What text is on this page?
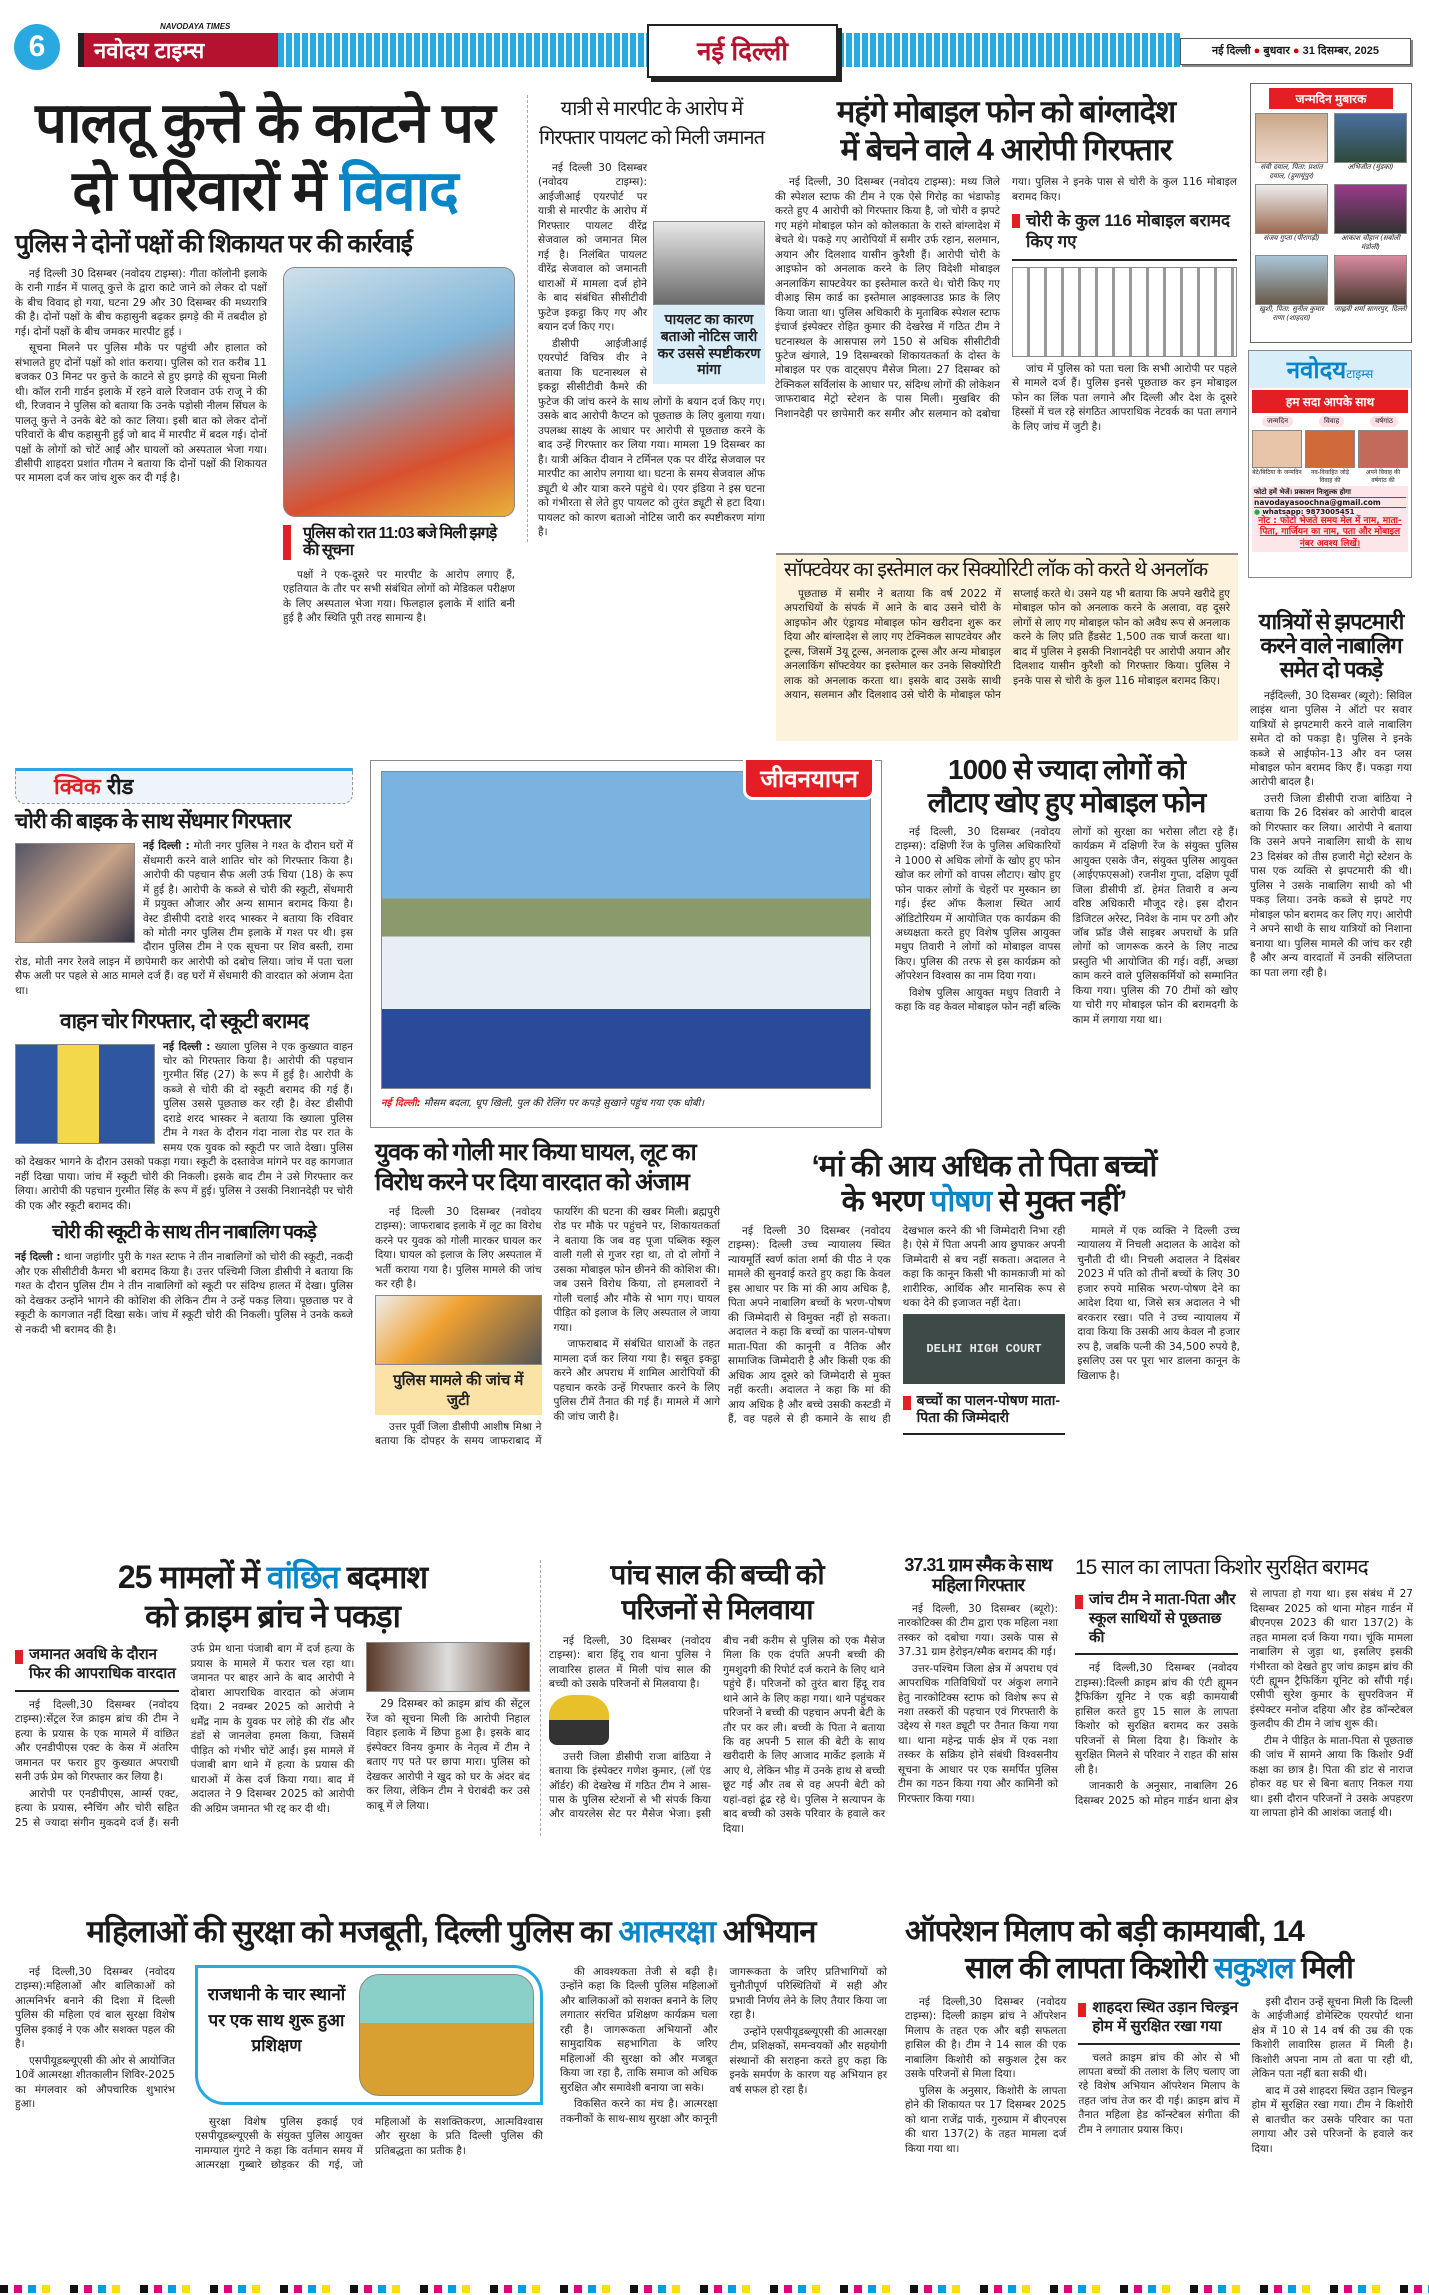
6
NAVODAYA TIMES
नवोदय टाइम्स	नई दिल्ली	नई दिल्ली ● बुधवार ● 31 दिसम्बर, 2025
पालतू कुत्ते के काटने पर
दो परिवारों में विवाद
पुलिस ने दोनों पक्षों की शिकायत पर की कार्रवाई

नई दिल्ली 30 दिसम्बर (नवोदय टाइम्स): गीता कॉलोनी इलाके के रानी गार्डन में पालतू कुत्ते के द्वारा काटे जाने को लेकर दो पक्षों के बीच विवाद हो गया, घटना 29 और 30 दिसम्बर की मध्यरात्रि की है। दोनों पक्षों के बीच कहासुनी बढ़कर झगड़े की में तबदील हो गई। दोनों पक्षों के बीच जमकर मारपीट हुई ।

सूचना मिलने पर पुलिस मौके पर पहुंची और हालात को संभालते हुए दोनों पक्षों को शांत कराया। पुलिस को रात करीब 11 बजकर 03 मिनट पर कुत्ते के काटने से हुए झगड़े की सूचना मिली थी। कॉल रानी गार्डन इलाके में रहने वाले रिजवान उर्फ राजू ने की थी, रिजवान ने पुलिस को बताया कि उनके पड़ोसी नीलम सिंघल के पालतू कुत्ते ने उनके बेटे को काट लिया। इसी बात को लेकर दोनों परिवारों के बीच कहासुनी हुई जो बाद में मारपीट में बदल गई। दोनों पक्षों के लोगों को चोटें आईं और घायलों को अस्पताल भेजा गया। डीसीपी शाहदरा प्रशांत गौतम ने बताया कि दोनों पक्षों की शिकायत पर मामला दर्ज कर जांच शुरू कर दी गई है।

पुलिस को रात 11:03 बजे मिली झगड़े की सूचना

पक्षों ने एक-दूसरे पर मारपीट के आरोप लगाए हैं, एहतियात के तौर पर सभी संबंधित लोगों को मेडिकल परीक्षण के लिए अस्पताल भेजा गया। फिलहाल इलाके में शांति बनी हुई है और स्थिति पूरी तरह सामान्य है।

यात्री से मारपीट के आरोप में गिरफ्तार पायलट को मिली जमानत
पायलट का कारण बताओ नोटिस जारी कर उससे स्पष्टीकरण मांगा

नई दिल्ली 30 दिसम्बर (नवोदय टाइम्स): आईजीआई एयरपोर्ट पर यात्री से मारपीट के आरोप में गिरफ्तार पायलट वीरेंद्र सेजवाल को जमानत मिल गई है। निलंबित पायलट वीरेंद्र सेजवाल को जमानती धाराओं में मामला दर्ज होने के बाद संबंधित सीसीटीवी फुटेज इकट्ठा किए गए और बयान दर्ज किए गए।

डीसीपी आईजीआई एयरपोर्ट विचित्र वीर ने बताया कि घटनास्थल से इकट्ठा सीसीटीवी कैमरे की फुटेज की जांच करने के साथ लोगों के बयान दर्ज किए गए। उसके बाद आरोपी कैप्टन को पूछताछ के लिए बुलाया गया। उपलब्ध साक्ष्य के आधार पर आरोपी से पूछताछ करने के बाद उन्हें गिरफ्तार कर लिया गया। मामला 19 दिसम्बर का है। यात्री अंकित दीवान ने टर्मिनल एक पर वीरेंद्र सेजवाल पर मारपीट का आरोप लगाया था। घटना के समय सेजवाल ऑफ ड्यूटी थे और यात्रा करने पहुंचे थे। एयर इंडिया ने इस घटना को गंभीरता से लेते हुए पायलट को तुरंत ड्यूटी से हटा दिया। पायलट को कारण बताओ नोटिस जारी कर स्पष्टीकरण मांगा है।

महंगे मोबाइल फोन को बांग्लादेश
में बेचने वाले 4 आरोपी गिरफ्तार

नई दिल्ली, 30 दिसम्बर (नवोदय टाइम्स): मध्य जिले की स्पेशल स्टाफ की टीम ने एक ऐसे गिरोह का भंडाफोड़ करते हुए 4 आरोपी को गिरफ्तार किया है, जो चोरी व झपटे गए महंगे मोबाइल फोन को कोलकाता के रास्ते बांग्लादेश में बेचते थे। पकड़े गए आरोपियों में समीर उर्फ रहान, सलमान, अयान और दिलशाद यासीन कुरैशी हैं। आरोपी चोरी के आइफोन को अनलाक करने के लिए विदेशी मोबाइल अनलाकिंग साफ्टवेयर का इस्तेमाल करते थे। चोरी किए गए वीआइ सिम कार्ड का इस्तेमाल आइक्लाउड फ्राड के लिए किया जाता था। पुलिस अधिकारी के मुताबिक स्पेशल स्टाफ इंचार्ज इंस्पेक्टर रोहित कुमार की देखरेख में गठित टीम ने घटनास्थल के आसपास लगे 150 से अधिक सीसीटीवी फुटेज खंगाले, 19 दिसम्बरको शिकायतकर्ता के दोस्त के मोबाइल पर एक वाट्सएप मैसेज मिला। 27 दिसम्बर को टेक्निकल सर्विलांस के आधार पर, संदिग्ध लोगों की लोकेशन जाफराबाद मेट्रो स्टेशन के पास मिली। मुखबिर की निशानदेही पर छापेमारी कर समीर और सलमान को दबोचा गया। पुलिस ने इनके पास से चोरी के कुल 116 मोबाइल बरामद किए।

चोरी के कुल 116 मोबाइल बरामद किए गए

जांच में पुलिस को पता चला कि सभी आरोपी पर पहले से मामले दर्ज हैं। पुलिस इनसे पूछताछ कर इन मोबाइल फोन का लिंक पता लगाने और दिल्ली और देश के दूसरे हिस्सों में चल रहे संगठित आपराधिक नेटवर्क का पता लगाने के लिए जांच में जुटी है।

सॉफ्टवेयर का इस्तेमाल कर सिक्योरिटी लॉक को करते थे अनलॉक

पूछताछ में समीर ने बताया कि वर्ष 2022 में अपराधियों के संपर्क में आने के बाद उसने चोरी के आइफोन और एंड्रायड मोबाइल फोन खरीदना शुरू कर दिया और बांग्लादेश से लाए गए टेक्निकल सापटवेयर और टूल्स, जिसमें 3यू टूल्स, अनलाक टूल्स और अन्य मोबाइल अनलाकिंग सॉफ्टवेयर का इस्तेमाल कर उनके सिक्योरिटी लाक को अनलाक करता था। इसके बाद उसके साथी अयान, सलमान और दिलशाद उसे चोरी के मोबाइल फोन सप्लाई करते थे। उसने यह भी बताया कि अपने खरीदे हुए मोबाइल फोन को अनलाक करने के अलावा, वह दूसरे लोगों से लाए गए मोबाइल फोन को अवैध रूप से अनलाक करने के लिए प्रति हैंडसेट 1,500 तक चार्ज करता था। बाद में पुलिस ने इसकी निशानदेही पर आरोपी अयान और दिलशाद यासीन कुरैशी को गिरफ्तार किया। पुलिस ने इनके पास से चोरी के कुल 116 मोबाइल बरामद किए।

जन्मदिन मुबारक
संवी दयाल, पिता: प्रशांत दयाल, (हुमायूंपुर)
अभिजीत (मुंडका)
संजय गुप्ता (पीरागढ़ी)	आकाश चौहान (सबोली मंडोली)
ख़ुशी, पिता: सुनील कुमार राणा (शाहदरा)
जाह्नवी शर्मा सागरपुर, दिल्ली
नवोदयटाइम्स
हम सदा आपके साथ
जन्मदिन	विवाह	वर्षगांठ
बेटे/बिटिया के जन्मदिन	नव-विवाहित जोड़े विवाह की
अपने विवाह की वर्षगांठ की
फोटो हमें भेजें। प्रकाशन निःशुल्क होगा
navodayasoochna@gmail.com
● whatsapp: 9873005451
नोट : फोटो भेजते समय मेल में नाम, माता-पिता, गार्जियन का नाम, पता और मोबाइल नंबर अवश्य लिखें।
यात्रियों से झपटमारी करने वाले नाबालिग समेत दो पकड़े

नईदिल्ली, 30 दिसम्बर (ब्यूरो): सिविल लाइंस थाना पुलिस ने ऑटो पर सवार यात्रियों से झपटमारी करने वाले नाबालिग समेत दो को पकड़ा है। पुलिस ने इनके कब्जे से आईफोन-13 और वन प्लस मोबाइल फोन बरामद किए हैं। पकड़ा गया आरोपी बादल है।

उत्तरी जिला डीसीपी राजा बांठिया ने बताया कि 26 दिसंबर को आरोपी बादल को गिरफ्तार कर लिया। आरोपी ने बताया कि उसने अपने नाबालिग साथी के साथ 23 दिसंबर को तीस हजारी मेट्रो स्टेशन के पास एक व्यक्ति से झपटमारी की थी। पुलिस ने उसके नाबालिग साथी को भी पकड़ लिया। उनके कब्जे से झपटे गए मोबाइल फोन बरामद कर लिए गए। आरोपी ने अपने साथी के साथ यात्रियों को निशाना बनाया था। पुलिस मामले की जांच कर रही है और अन्य वारदातों में उनकी संलिप्तता का पता लगा रही है।

क्विक रीड
चोरी की बाइक के साथ सेंधमार गिरफ्तार
नई दिल्ली : मोती नगर पुलिस ने गश्त के दौरान घरों में सेंधमारी करने वाले शातिर चोर को गिरफ्तार किया है। आरोपी की पहचान सैफ अली उर्फ चिया (18) के रूप में हुई है। आरोपी के कब्जे से चोरी की स्कूटी, सेंधमारी में प्रयुक्त औजार और अन्य सामान बरामद किया है। वेस्ट डीसीपी दराडे शरद भास्कर ने बताया कि रविवार को मोती नगर पुलिस टीम इलाके में गश्त पर थी। इस दौरान पुलिस टीम ने एक सूचना पर शिव बस्ती, रामा रोड, मोती नगर रेलवे लाइन में छापेमारी कर आरोपी को दबोच लिया। जांच में पता चला सैफ अली पर पहले से आठ मामले दर्ज हैं। वह घरों में सेंधमारी की वारदात को अंजाम देता था।
वाहन चोर गिरफ्तार, दो स्कूटी बरामद
नई दिल्ली : ख्याला पुलिस ने एक कुख्यात वाहन चोर को गिरफ्तार किया है। आरोपी की पहचान गुरमीत सिंह (27) के रूप में हुई है। आरोपी के कब्जे से चोरी की दो स्कूटी बरामद की गई हैं। पुलिस उससे पूछताछ कर रही है। वेस्ट डीसीपी दराडे शरद भास्कर ने बताया कि ख्याला पुलिस टीम ने गश्त के दौरान गंदा नाला रोड पर रात के समय एक युवक को स्कूटी पर जाते देखा। पुलिस को देखकर भागने के दौरान उसको पकड़ा गया। स्कूटी के दस्तावेज मांगने पर वह कागजात नहीं दिखा पाया। जांच में स्कूटी चोरी की निकली। इसके बाद टीम ने उसे गिरफ्तार कर लिया। आरोपी की पहचान गुरमीत सिंह के रूप में हुई। पुलिस ने उसकी निशानदेही पर चोरी की एक और स्कूटी बरामद की।
चोरी की स्कूटी के साथ तीन नाबालिग पकड़े
नई दिल्ली : थाना जहांगीर पुरी के गश्त स्टाफ ने तीन नाबालिगों को चोरी की स्कूटी, नकदी और एक सीसीटीवी कैमरा भी बरामद किया है। उत्तर पश्चिमी जिला डीसीपी ने बताया कि गश्त के दौरान पुलिस टीम ने तीन नाबालिगों को स्कूटी पर संदिग्ध हालत में देखा। पुलिस को देखकर उन्होंने भागने की कोशिश की लेकिन टीम ने उन्हें पकड़ लिया। पूछताछ पर वे स्कूटी के कागजात नहीं दिखा सके। जांच में स्कूटी चोरी की निकली। पुलिस ने उनके कब्जे से नकदी भी बरामद की है।
नई दिल्ली: मौसम बदला, धूप खिली, पुल की रेलिंग पर कपड़े सुखाने पहुंच गया एक धोबी।
जीवनयापन	1000 से ज्यादा लोगों को
लौटाए खोए हुए मोबाइल फोन

नई दिल्ली, 30 दिसम्बर (नवोदय टाइम्स): दक्षिणी रेंज के पुलिस अधिकारियों ने 1000 से अधिक लोगों के खोए हुए फोन खोज कर लोगों को वापस लौटाए। खोए हुए फोन पाकर लोगों के चेहरों पर मुस्कान छा गई। ईस्ट ऑफ कैलाश स्थित आर्य ऑडिटोरियम में आयोजित एक कार्यक्रम की अध्यक्षता करते हुए विशेष पुलिस आयुक्त मधुप तिवारी ने लोगों को मोबाइल वापस किए। पुलिस की तरफ से इस कार्यक्रम को ऑपरेशन विश्वास का नाम दिया गया।

विशेष पुलिस आयुक्त मधुप तिवारी ने कहा कि वह केवल मोबाइल फोन नहीं बल्कि लोगों को सुरक्षा का भरोसा लौटा रहे हैं। कार्यक्रम में दक्षिणी रेंज के संयुक्त पुलिस आयुक्त एसके जैन, संयुक्त पुलिस आयुक्त (आईएफएसओ) रजनीश गुप्ता, दक्षिण पूर्वी जिला डीसीपी डॉ. हेमंत तिवारी व अन्य वरिष्ठ अधिकारी मौजूद रहे। इस दौरान डिजिटल अरेस्ट, निवेश के नाम पर ठगी और जॉब फ्रॉड जैसे साइबर अपराधों के प्रति लोगों को जागरूक करने के लिए नाट्य प्रस्तुति भी आयोजित की गई। वहीं, अच्छा काम करने वाले पुलिसकर्मियों को सम्मानित किया गया। पुलिस की 70 टीमों को खोए या चोरी गए मोबाइल फोन की बरामदगी के काम में लगाया गया था।

युवक को गोली मार किया घायल, लूट का
विरोध करने पर दिया वारदात को अंजाम

नई दिल्ली 30 दिसम्बर (नवोदय टाइम्स): जाफराबाद इलाके में लूट का विरोध करने पर युवक को गोली मारकर घायल कर दिया। घायल को इलाज के लिए अस्पताल में भर्ती कराया गया है। पुलिस मामले की जांच कर रही है।

पुलिस मामले की जांच में जुटी

उत्तर पूर्वी जिला डीसीपी आशीष मिश्रा ने बताया कि दोपहर के समय जाफराबाद में फायरिंग की घटना की खबर मिली। ब्रह्मपुरी रोड पर मौके पर पहुंचने पर, शिकायतकर्ता ने बताया कि जब वह पूजा पब्लिक स्कूल वाली गली से गुजर रहा था, तो दो लोगों ने उसका मोबाइल फोन छीनने की कोशिश की। जब उसने विरोध किया, तो हमलावरों ने गोली चलाई और मौके से भाग गए। घायल पीड़ित को इलाज के लिए अस्पताल ले जाया गया।

जाफराबाद में संबंधित धाराओं के तहत मामला दर्ज कर लिया गया है। सबूत इकट्ठा करने और अपराध में शामिल आरोपियों की पहचान करके उन्हें गिरफ्तार करने के लिए पुलिस टीमें तैनात की गई हैं। मामले में आगे की जांच जारी है।

‘मां की आय अधिक तो पिता बच्चों
के भरण पोषण से मुक्त नहीं’

नई दिल्ली 30 दिसम्बर (नवोदय टाइम्स): दिल्ली उच्च न्यायालय स्थित न्यायमूर्ति स्वर्ण कांता शर्मा की पीठ ने एक मामले की सुनवाई करते हुए कहा कि केवल इस आधार पर कि मां की आय अधिक है, पिता अपने नाबालिग बच्चों के भरण-पोषण की जिम्मेदारी से विमुक्त नहीं हो सकता। अदालत ने कहा कि बच्चों का पालन-पोषण माता-पिता की कानूनी व नैतिक और सामाजिक जिम्मेदारी है और किसी एक की अधिक आय दूसरे को जिम्मेदारी से मुक्त नहीं करती। अदालत ने कहा कि मां की आय अधिक है और बच्चे उसकी कस्टडी में हैं, वह पहले से ही कमाने के साथ ही देखभाल करने की भी जिम्मेदारी निभा रही है। ऐसे में पिता अपनी आय छुपाकर अपनी जिम्मेदारी से बच नहीं सकता। अदालत ने कहा कि कानून किसी भी कामकाजी मां को शारीरिक, आर्थिक और मानसिक रूप से थका देने की इजाजत नहीं देता।

DELHI HIGH COURT
बच्चों का पालन-पोषण माता-पिता की जिम्मेदारी

मामले में एक व्यक्ति ने दिल्ली उच्च न्यायालय में निचली अदालत के आदेश को चुनौती दी थी। निचली अदालत ने दिसंबर 2023 में पति को तीनों बच्चों के लिए 30 हजार रुपये मासिक भरण-पोषण देने का आदेश दिया था, जिसे सत्र अदालत ने भी बरकरार रखा। पति ने उच्च न्यायालय में दावा किया कि उसकी आय केवल नौ हजार रुप है, जबकि पत्नी की 34,500 रुपये है, इसलिए उस पर पूरा भार डालना कानून के खिलाफ है।

25 मामलों में वांछित बदमाश
को क्राइम ब्रांच ने पकड़ा
जमानत अवधि के दौरान फिर की आपराधिक वारदात

नई दिल्ली,30 दिसम्बर (नवोदय टाइम्स):सेंट्रल रेंज क्राइम ब्रांच की टीम ने हत्या के प्रयास के एक मामले में वांछित और एनडीपीएस एक्ट के केस में अंतरिम जमानत पर फरार हुए कुख्यात अपराधी सनी उर्फ प्रेम को गिरफ्तार कर लिया है।

आरोपी पर एनडीपीएस, आर्म्स एक्ट, हत्या के प्रयास, स्नैचिंग और चोरी सहित 25 से ज्यादा संगीन मुकदमे दर्ज हैं। सनी उर्फ प्रेम थाना पंजाबी बाग में दर्ज हत्या के प्रयास के मामले में फरार चल रहा था। जमानत पर बाहर आने के बाद आरोपी ने दोबारा आपराधिक वारदात को अंजाम दिया। 2 नवम्बर 2025 को आरोपी ने धर्मेंद्र नाम के युवक पर लोहे की रॉड और डंडों से जानलेवा हमला किया, जिसमें पीड़ित को गंभीर चोटें आईं। इस मामले में पंजाबी बाग थाने में हत्या के प्रयास की धाराओं में केस दर्ज किया गया। बाद में अदालत ने 9 दिसम्बर 2025 को आरोपी की अग्रिम जमानत भी रद्द कर दी थी।

29 दिसम्बर को क्राइम ब्रांच की सेंट्रल रेंज को सूचना मिली कि आरोपी निहाल विहार इलाके में छिपा हुआ है। इसके बाद इंस्पेक्टर विनय कुमार के नेतृत्व में टीम ने बताए गए पते पर छापा मारा। पुलिस को देखकर आरोपी ने खुद को घर के अंदर बंद कर लिया, लेकिन टीम ने घेराबंदी कर उसे काबू में ले लिया।

पांच साल की बच्ची को
परिजनों से मिलवाया

नई दिल्ली, 30 दिसम्बर (नवोदय टाइम्स): बारा हिंदू राव थाना पुलिस ने लावारिस हालत में मिली पांच साल की बच्ची को उसके परिजनों से मिलवाया है।

उत्तरी जिला डीसीपी राजा बांठिया ने बताया कि इंस्पेक्टर गणेश कुमार, (लॉ एंड ऑर्डर) की देखरेख में गठित टीम ने आस-पास के पुलिस स्टेशनों से भी संपर्क किया और वायरलेस सेट पर मैसेज भेजा। इसी बीच नबी करीम से पुलिस को एक मैसेज मिला कि एक दंपति अपनी बच्ची की गुमशुदगी की रिपोर्ट दर्ज कराने के लिए थाने पहुंचे हैं। परिजनों को तुरंत बारा हिंदू राव थाने आने के लिए कहा गया। थाने पहुंचकर परिजनों ने बच्ची की पहचान अपनी बेटी के तौर पर कर ली। बच्ची के पिता ने बताया कि वह अपनी 5 साल की बेटी के साथ खरीदारी के लिए आजाद मार्केट इलाके में आए थे, लेकिन भीड़ में उनके हाथ से बच्ची छूट गई और तब से वह अपनी बेटी को यहां-वहां ढूंढ रहे थे। पुलिस ने सत्यापन के बाद बच्ची को उसके परिवार के हवाले कर दिया।

37.31 ग्राम स्मैक के साथ महिला गिरफ्तार

नई दिल्ली, 30 दिसम्बर (ब्यूरो): नारकोटिक्स की टीम द्वारा एक महिला नशा तस्कर को दबोचा गया। उसके पास से 37.31 ग्राम हेरोइन/स्मैक बरामद की गई।

उत्तर-पश्चिम जिला क्षेत्र में अपराध एवं आपराधिक गतिविधियों पर अंकुश लगाने हेतु नारकोटिक्स स्टाफ को विशेष रूप से नशा तस्करों की पहचान एवं गिरफ्तारी के उद्देश्य से गश्त ड्यूटी पर तैनात किया गया था। थाना महेन्द्र पार्क क्षेत्र में एक नशा तस्कर के सक्रिय होने संबंधी विश्वसनीय सूचना के आधार पर एक समर्पित पुलिस टीम का गठन किया गया और कामिनी को गिरफ्तार किया गया।

15 साल का लापता किशोर सुरक्षित बरामद
जांच टीम ने माता-पिता और स्कूल साथियों से पूछताछ की

नई दिल्ली,30 दिसम्बर (नवोदय टाइम्स):दिल्ली क्राइम ब्रांच की एंटी ह्यूमन ट्रैफिकिंग यूनिट ने एक बड़ी कामयाबी हासिल करते हुए 15 साल के लापता किशोर को सुरक्षित बरामद कर उसके परिजनों से मिला दिया है। किशोर के सुरक्षित मिलने से परिवार ने राहत की सांस ली है।

जानकारी के अनुसार, नाबालिग 26 दिसम्बर 2025 को मोहन गार्डन थाना क्षेत्र से लापता हो गया था। इस संबंध में 27 दिसम्बर 2025 को थाना मोहन गार्डन में बीएनएस 2023 की धारा 137(2) के तहत मामला दर्ज किया गया। चूंकि मामला नाबालिग से जुड़ा था, इसलिए इसकी गंभीरता को देखते हुए जांच क्राइम ब्रांच की एंटी ह्यूमन ट्रैफिकिंग यूनिट को सौंपी गई। एसीपी सुरेश कुमार के सुपरविजन में इंस्पेक्टर मनोज दहिया और हेड कॉन्स्टेबल कुलदीप की टीम ने जांच शुरू की।

टीम ने पीड़ित के माता-पिता से पूछताछ की जांच में सामने आया कि किशोर 9वीं कक्षा का छात्र है। पिता की डांट से नाराज होकर वह घर से बिना बताए निकल गया था। इसी दौरान परिजनों ने उसके अपहरण या लापता होने की आशंका जताई थी।

महिलाओं की सुरक्षा को मजबूती, दिल्ली पुलिस का आत्मरक्षा अभियान

नई दिल्ली,30 दिसम्बर (नवोदय टाइम्स):महिलाओं और बालिकाओं को आत्मनिर्भर बनाने की दिशा में दिल्ली पुलिस की महिला एवं बाल सुरक्षा विशेष पुलिस इकाई ने एक और सशक्त पहल की है।

एसपीयूडब्ल्यूएसी की ओर से आयोजित 10वें आत्मरक्षा शीतकालीन शिविर-2025 का मंगलवार को औपचारिक शुभारंभ हुआ।

राजधानी के चार स्थानों पर एक साथ शुरू हुआ प्रशिक्षण

सुरक्षा विशेष पुलिस इकाई एवं एसपीयूडब्ल्यूएसी के संयुक्त पुलिस आयुक्त नामग्याल गुंगटे ने कहा कि वर्तमान समय में आत्मरक्षा गुब्बारे छोड़कर की गई, जो महिलाओं के सशक्तिकरण, आत्मविश्वास और सुरक्षा के प्रति दिल्ली पुलिस की प्रतिबद्धता का प्रतीक है।

की आवश्यकता तेजी से बढ़ी है। उन्होंने कहा कि दिल्ली पुलिस महिलाओं और बालिकाओं को सशक्त बनाने के लिए लगातार संरचित प्रशिक्षण कार्यक्रम चला रही है। जागरूकता अभियानों और सामुदायिक सहभागिता के जरिए महिलाओं की सुरक्षा को और मजबूत किया जा रहा है, ताकि समाज को अधिक सुरक्षित और समावेशी बनाया जा सके।

विकसित करने का मंच है। आत्मरक्षा तकनीकों के साथ-साथ सुरक्षा और कानूनी जागरूकता के जरिए प्रतिभागियों को चुनौतीपूर्ण परिस्थितियों में सही और प्रभावी निर्णय लेने के लिए तैयार किया जा रहा है।

उन्होंने एसपीयूडब्ल्यूएसी की आत्मरक्षा टीम, प्रशिक्षकों, समन्वयकों और सहयोगी संस्थानों की सराहना करते हुए कहा कि इनके समर्पण के कारण यह अभियान हर वर्ष सफल हो रहा है।

ऑपरेशन मिलाप को बड़ी कामयाबी, 14
साल की लापता किशोरी सकुशल मिली

नई दिल्ली,30 दिसम्बर (नवोदय टाइम्स): दिल्ली क्राइम ब्रांच ने ऑपरेशन मिलाप के तहत एक और बड़ी सफलता हासिल की है। टीम ने 14 साल की एक नाबालिग किशोरी को सकुशल ट्रेस कर उसके परिजनों से मिला दिया।

पुलिस के अनुसार, किशोरी के लापता होने की शिकायत पर 17 दिसम्बर 2025 को थाना राजेंद्र पार्क, गुरुग्राम में बीएनएस की धारा 137(2) के तहत मामला दर्ज किया गया था।

शाहदरा स्थित उड़ान चिल्ड्रन होम में सुरक्षित रखा गया

चलते क्राइम ब्रांच की ओर से भी लापता बच्चों की तलाश के लिए चलाए जा रहे विशेष अभियान ऑपरेशन मिलाप के तहत जांच तेज कर दी गई। क्राइम ब्रांच में तैनात महिला हेड कॉन्स्टेबल संगीता की टीम ने लगातार प्रयास किए।

इसी दौरान उन्हें सूचना मिली कि दिल्ली के आईजीआई डोमेस्टिक एयरपोर्ट थाना क्षेत्र में 10 से 14 वर्ष की उम्र की एक किशोरी लावारिस हालत में मिली है। किशोरी अपना नाम तो बता पा रही थी, लेकिन पता नहीं बता सकी थी।

बाद में उसे शाहदरा स्थित उड़ान चिल्ड्रन होम में सुरक्षित रखा गया। टीम ने किशोरी से बातचीत कर उसके परिवार का पता लगाया और उसे परिजनों के हवाले कर दिया।
